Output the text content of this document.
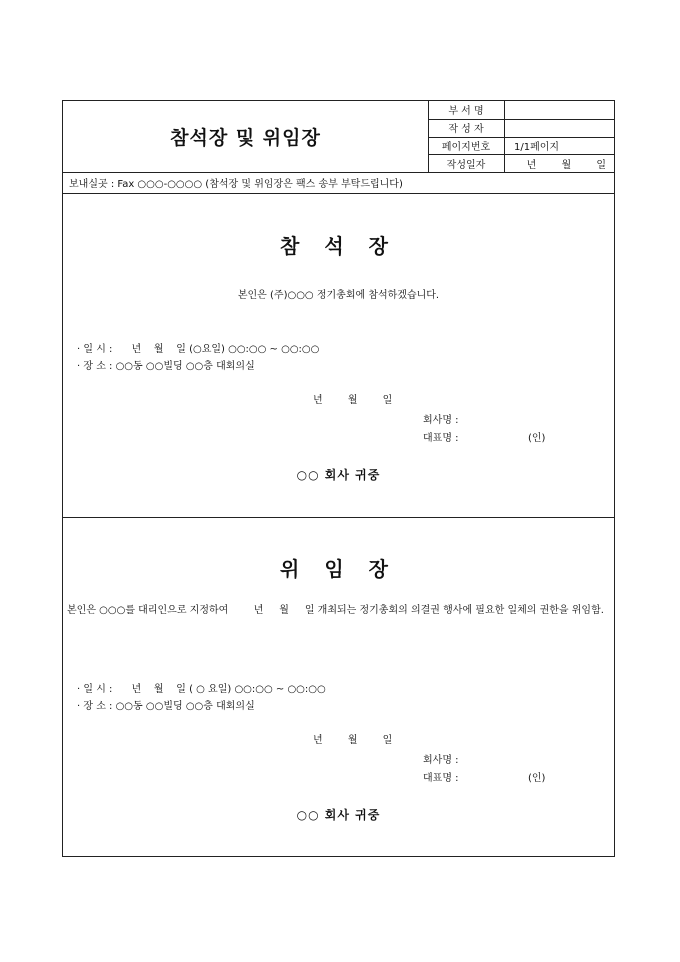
참석장 및 위임장
부 서 명
작 성 자
페이지번호	1/1페이지
작성일자	년 월 일
보내실곳 : Fax ○○○-○○○○ (참석장 및 위임장은 팩스 송부 부탁드립니다)
참 석 장
본인은 (주)○○○ 정기총회에 참석하겠습니다.
· 일 시 :      년    월    일 (○요일) ○○:○○ ~ ○○:○○
· 장 소 : ○○동 ○○빌딩 ○○층 대회의실
년 월 일
회사명 :
대표명 :	(인)
○○ 회사 귀중
위 임 장
본인은 ○○○를 대리인으로 지정하여        년     월     일 개최되는 정기총회의 의결권 행사에 필요한 일체의 권한을 위임함.
· 일 시 :      년    월    일 ( ○ 요일) ○○:○○ ~ ○○:○○
· 장 소 : ○○동 ○○빌딩 ○○층 대회의실
년 월 일
회사명 :
대표명 :	(인)
○○ 회사 귀중
